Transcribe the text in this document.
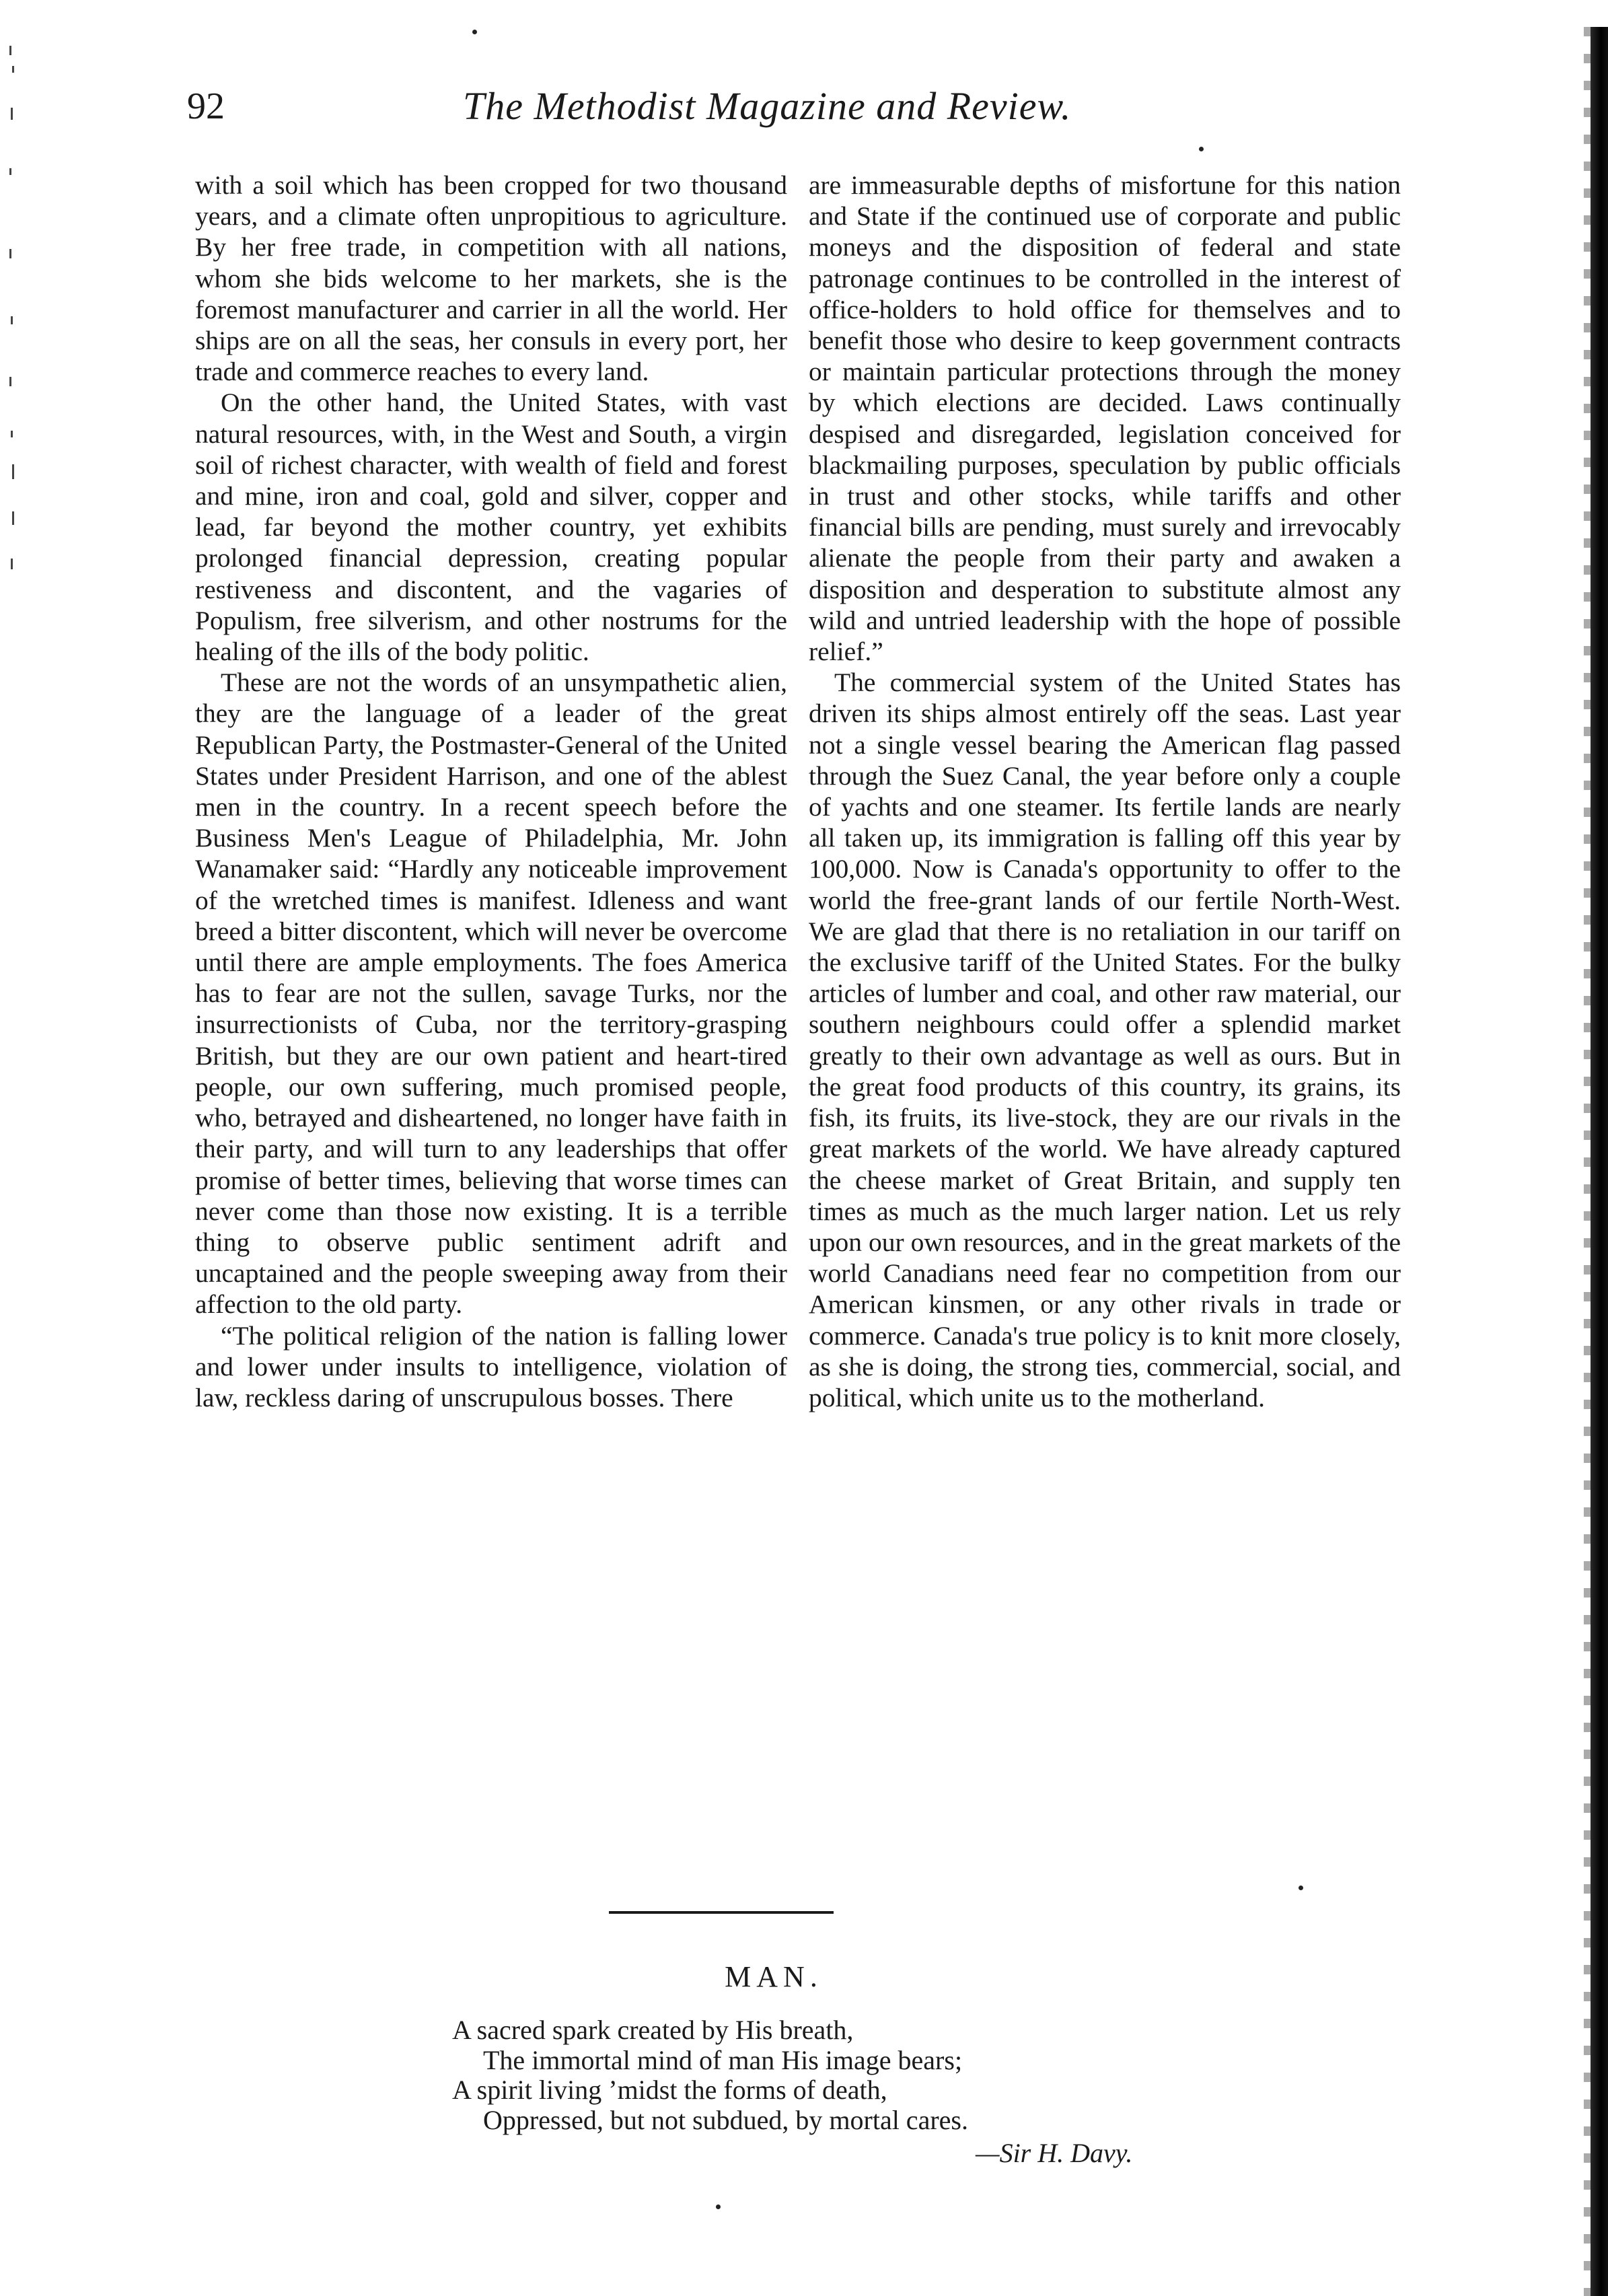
92	The Methodist Magazine and Review.

with a soil which has been cropped for two thousand years, and a climate often unpropitious to agriculture. By her free trade, in competition with all nations, whom she bids welcome to her markets, she is the foremost manufacturer and carrier in all the world. Her ships are on all the seas, her consuls in every port, her trade and commerce reaches to every land.

On the other hand, the United States, with vast natural resources, with, in the West and South, a virgin soil of richest character, with wealth of field and forest and mine, iron and coal, gold and silver, copper and lead, far beyond the mother country, yet exhibits prolonged financial depression, creating popular restiveness and discontent, and the vagaries of Populism, free silverism, and other nostrums for the healing of the ills of the body politic.

These are not the words of an unsympathetic alien, they are the language of a leader of the great Republican Party, the Postmaster-General of the United States under President Harrison, and one of the ablest men in the country. In a recent speech before the Business Men's League of Philadelphia, Mr. John Wanamaker said: “Hardly any noticeable improvement of the wretched times is manifest. Idleness and want breed a bitter discontent, which will never be overcome until there are ample employments. The foes America has to fear are not the sullen, savage Turks, nor the insurrectionists of Cuba, nor the territory-grasping British, but they are our own patient and heart-tired people, our own suffering, much promised people, who, betrayed and disheartened, no longer have faith in their party, and will turn to any leaderships that offer promise of better times, believing that worse times can never come than those now existing. It is a terrible thing to observe public sentiment adrift and uncaptained and the people sweeping away from their affection to the old party.

“The political religion of the nation is falling lower and lower under insults to intelligence, violation of law, reckless daring of unscrupulous bosses. There

are immeasurable depths of misfortune for this nation and State if the continued use of corporate and public moneys and the disposition of federal and state patronage continues to be controlled in the interest of office-holders to hold office for themselves and to benefit those who desire to keep government contracts or maintain particular protections through the money by which elections are decided. Laws continually despised and disregarded, legislation conceived for blackmailing purposes, speculation by public officials in trust and other stocks, while tariffs and other financial bills are pending, must surely and irrevocably alienate the people from their party and awaken a disposition and desperation to substitute almost any wild and untried leadership with the hope of possible relief.”

The commercial system of the United States has driven its ships almost entirely off the seas. Last year not a single vessel bearing the American flag passed through the Suez Canal, the year before only a couple of yachts and one steamer. Its fertile lands are nearly all taken up, its immigration is falling off this year by 100,000. Now is Canada's opportunity to offer to the world the free-grant lands of our fertile North-West. We are glad that there is no retaliation in our tariff on the exclusive tariff of the United States. For the bulky articles of lumber and coal, and other raw material, our southern neighbours could offer a splendid market greatly to their own advantage as well as ours. But in the great food products of this country, its grains, its fish, its fruits, its live-stock, they are our rivals in the great markets of the world. We have already captured the cheese market of Great Britain, and supply ten times as much as the much larger nation. Let us rely upon our own resources, and in the great markets of the world Canadians need fear no competition from our American kinsmen, or any other rivals in trade or commerce. Canada's true policy is to knit more closely, as she is doing, the strong ties, commercial, social, and political, which unite us to the motherland.

MAN.
A sacred spark created by His breath,
The immortal mind of man His image bears;
A spirit living ’midst the forms of death,
Oppressed, but not subdued, by mortal cares.
—Sir H. Davy.
